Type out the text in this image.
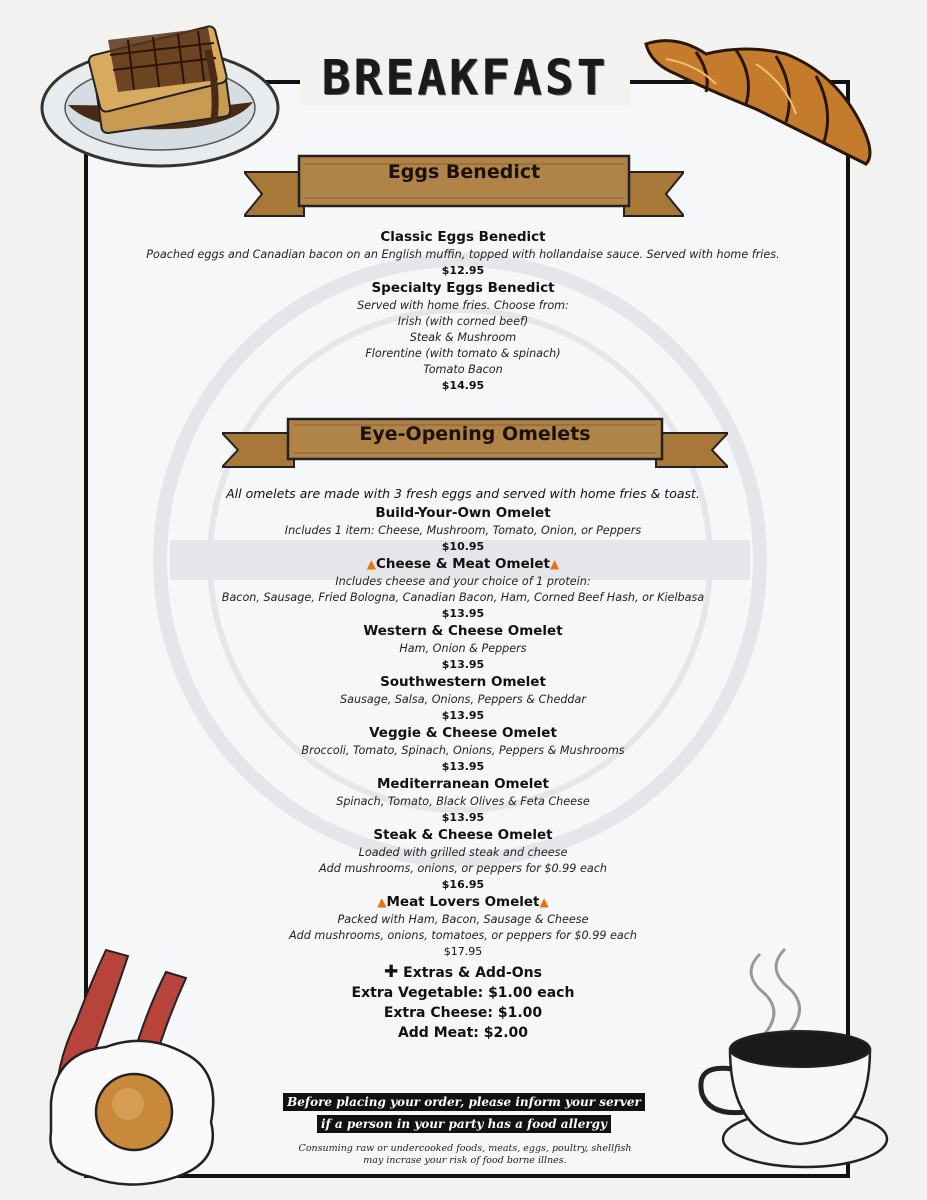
BREAKFAST
Eggs Benedict
Classic Eggs Benedict
Poached eggs and Canadian bacon on an English muffin, topped with hollandaise sauce. Served with home fries.
$12.95
Specialty Eggs Benedict
Served with home fries. Choose from:
Irish (with corned beef)
Steak & Mushroom
Florentine (with tomato & spinach)
Tomato Bacon
$14.95
Eye-Opening Omelets
All omelets are made with 3 fresh eggs and served with home fries & toast.
Build-Your-Own Omelet
Includes 1 item: Cheese, Mushroom, Tomato, Onion, or Peppers
$10.95
▲Cheese & Meat Omelet▲
Includes cheese and your choice of 1 protein:
Bacon, Sausage, Fried Bologna, Canadian Bacon, Ham, Corned Beef Hash, or Kielbasa
$13.95
Western & Cheese Omelet
Ham, Onion & Peppers
$13.95
Southwestern Omelet
Sausage, Salsa, Onions, Peppers & Cheddar
$13.95
Veggie & Cheese Omelet
Broccoli, Tomato, Spinach, Onions, Peppers & Mushrooms
$13.95
Mediterranean Omelet
Spinach, Tomato, Black Olives & Feta Cheese
$13.95
Steak & Cheese Omelet
Loaded with grilled steak and cheese
Add mushrooms, onions, or peppers for $0.99 each
$16.95
▲Meat Lovers Omelet▲
Packed with Ham, Bacon, Sausage & Cheese
Add mushrooms, onions, tomatoes, or peppers for $0.99 each
$17.95
✚ Extras & Add-Ons
Extra Vegetable: $1.00 each
Extra Cheese: $1.00
Add Meat: $2.00
Before placing your order, please inform your server
if a person in your party has a food allergy
Consuming raw or undercooked foods, meats, eggs, poultry, shellfish
may incrase your risk of food borne illnes.
